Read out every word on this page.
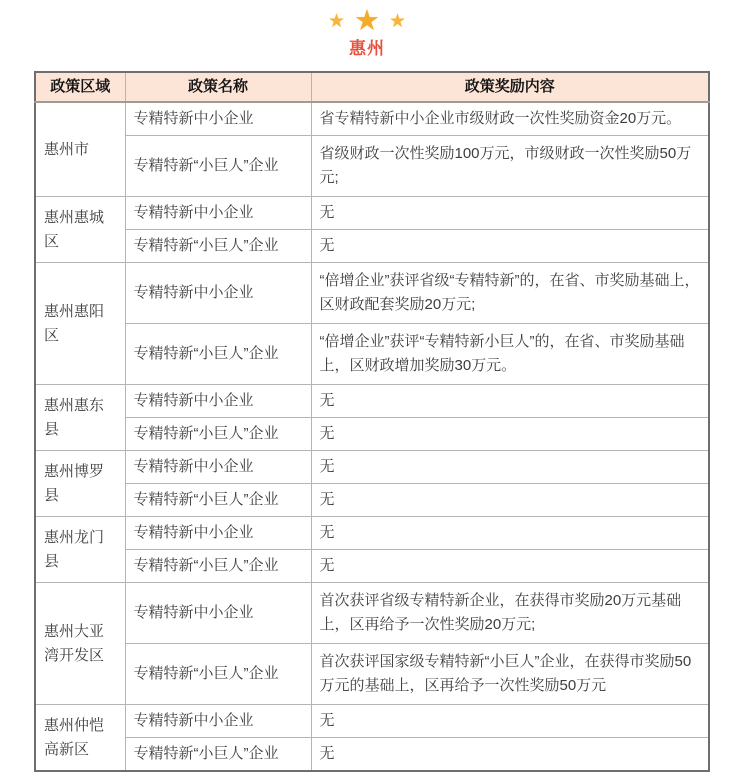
★ ★ ★
惠州
政策区域	政策名称	政策奖励内容
惠州市	专精特新中小企业	省专精特新中小企业市级财政一次性奖励资金20万元。
	专精特新“小巨人”企业	省级财政一次性奖励100万元，市级财政一次性奖励50万元;
惠州惠城区	专精特新中小企业	无
	专精特新“小巨人”企业	无
惠州惠阳区	专精特新中小企业	“倍增企业”获评省级“专精特新”的，在省、市奖励基础上，区财政配套奖励20万元;
	专精特新“小巨人”企业	“倍增企业”获评“专精特新小巨人”的，在省、市奖励基础上，区财政增加奖励30万元。
惠州惠东县	专精特新中小企业	无
	专精特新“小巨人”企业	无
惠州博罗县	专精特新中小企业	无
	专精特新“小巨人”企业	无
惠州龙门县	专精特新中小企业	无
	专精特新“小巨人”企业	无
惠州大亚湾开发区	专精特新中小企业	首次获评省级专精特新企业，在获得市奖励20万元基础上，区再给予一次性奖励20万元;
	专精特新“小巨人”企业	首次获评国家级专精特新“小巨人”企业，在获得市奖励50万元的基础上，区再给予一次性奖励50万元
惠州仲恺高新区	专精特新中小企业	无
	专精特新“小巨人”企业	无
